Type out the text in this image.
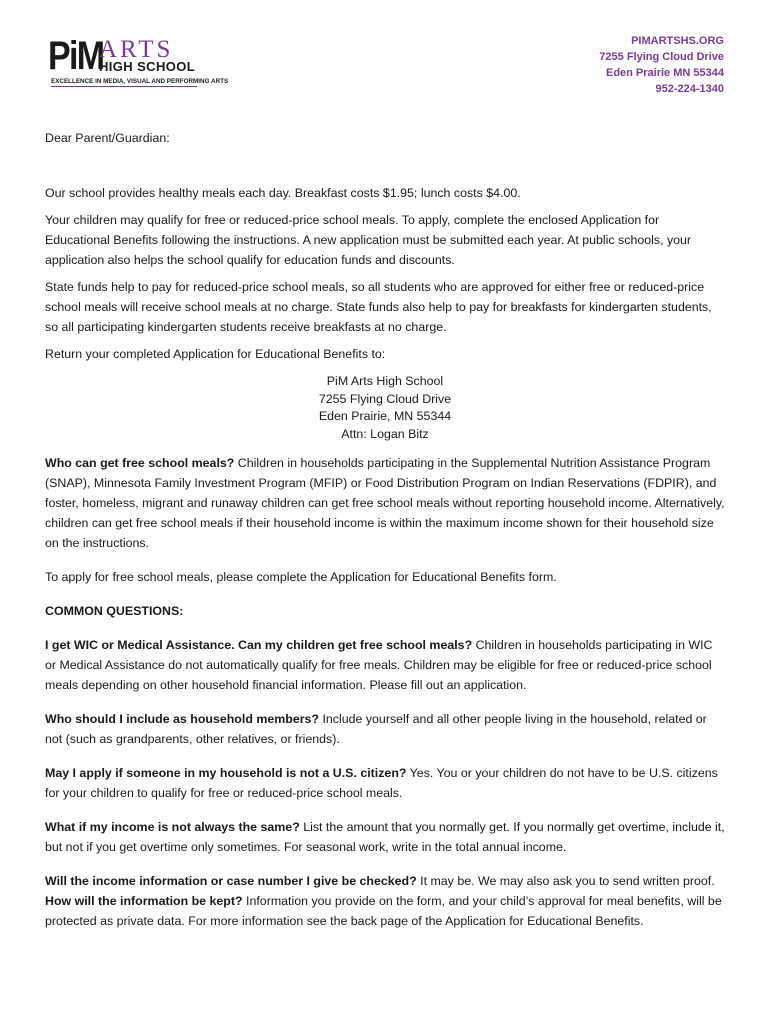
PiM
ARTS
HIGH SCHOOL
EXCELLENCE IN MEDIA, VISUAL AND PERFORMING ARTS
PIMARTSHS.ORG
7255 Flying Cloud Drive
Eden Prairie MN 55344
952-224-1340

Dear Parent/Guardian:

Our school provides healthy meals each day. Breakfast costs $1.95; lunch costs $4.00.

Your children may qualify for free or reduced-price school meals. To apply, complete the enclosed Application for Educational Benefits following the instructions. A new application must be submitted each year. At public schools, your application also helps the school qualify for education funds and discounts.

State funds help to pay for reduced-price school meals, so all students who are approved for either free or reduced-price school meals will receive school meals at no charge. State funds also help to pay for breakfasts for kindergarten students, so all participating kindergarten students receive breakfasts at no charge.

Return your completed Application for Educational Benefits to:

PiM Arts High School
7255 Flying Cloud Drive
Eden Prairie, MN 55344
Attn: Logan Bitz

Who can get free school meals? Children in households participating in the Supplemental Nutrition Assistance Program (SNAP), Minnesota Family Investment Program (MFIP) or Food Distribution Program on Indian Reservations (FDPIR), and foster, homeless, migrant and runaway children can get free school meals without reporting household income. Alternatively, children can get free school meals if their household income is within the maximum income shown for their household size on the instructions.

To apply for free school meals, please complete the Application for Educational Benefits form.

COMMON QUESTIONS:

I get WIC or Medical Assistance. Can my children get free school meals? Children in households participating in WIC or Medical Assistance do not automatically qualify for free meals. Children may be eligible for free or reduced-price school meals depending on other household financial information. Please fill out an application.

Who should I include as household members? Include yourself and all other people living in the household, related or not (such as grandparents, other relatives, or friends).

May I apply if someone in my household is not a U.S. citizen? Yes. You or your children do not have to be U.S. citizens for your children to qualify for free or reduced-price school meals.

What if my income is not always the same? List the amount that you normally get. If you normally get overtime, include it, but not if you get overtime only sometimes. For seasonal work, write in the total annual income.

Will the income information or case number I give be checked? It may be. We may also ask you to send written proof.
How will the information be kept? Information you provide on the form, and your child’s approval for meal benefits, will be protected as private data. For more information see the back page of the Application for Educational Benefits.
